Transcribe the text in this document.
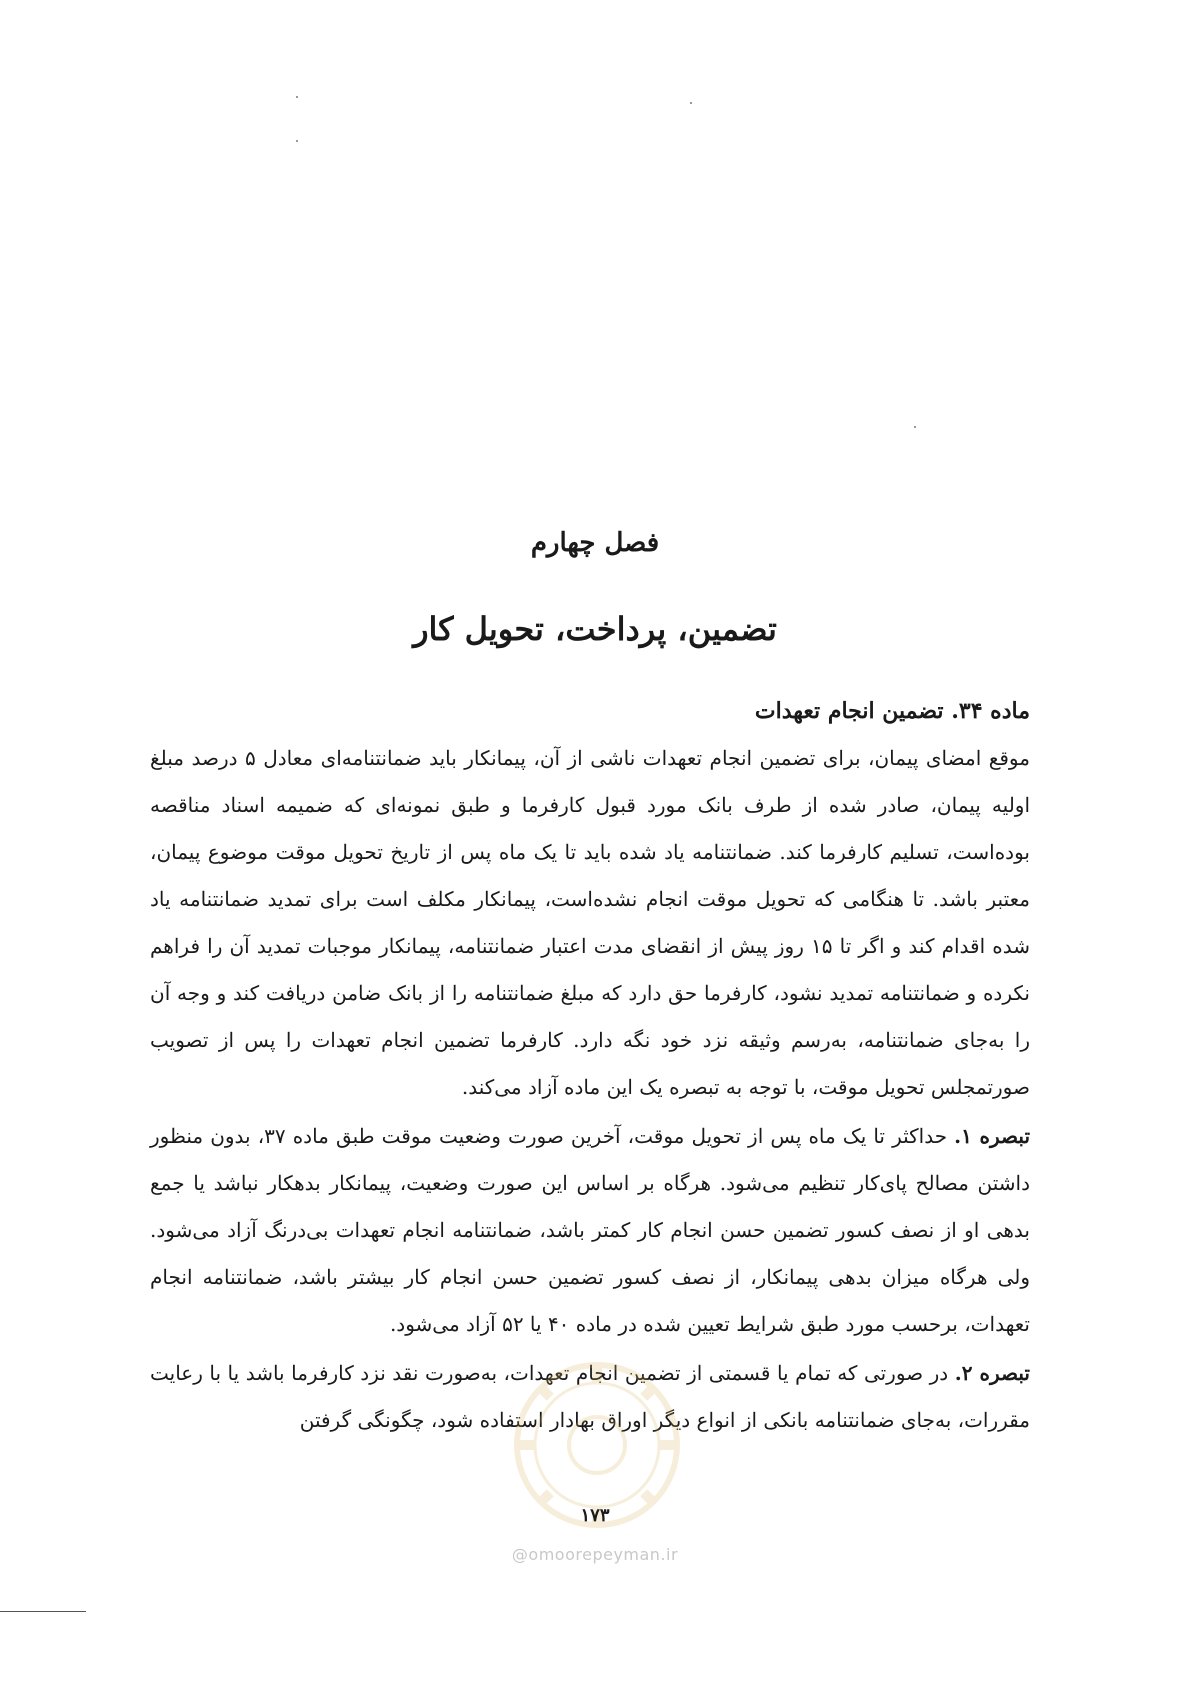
فصل چهارم
تضمین، پرداخت، تحویل کار

ماده ۳۴. تضمین انجام تعهدات

موقع امضای پیمان، برای تضمین انجام تعهدات ناشی از آن، پیمانکار باید ضمانتنامه‌ای معادل ۵ درصد مبلغ اولیه پیمان، صادر شده از طرف بانک مورد قبول کارفرما و طبق نمونه‌ای که ضمیمه اسناد مناقصه بوده‌است، تسلیم کارفرما کند. ضمانتنامه یاد شده باید تا یک ماه پس از تاریخ تحویل موقت موضوع پیمان، معتبر باشد. تا هنگامی که تحویل موقت انجام نشده‌است، پیمانکار مکلف است برای تمدید ضمانتنامه یاد شده اقدام کند و اگر تا ۱۵ روز پیش از انقضای مدت اعتبار ضمانتنامه، پیمانکار موجبات تمدید آن را فراهم نکرده و ضمانتنامه تمدید نشود، کارفرما حق دارد که مبلغ ضمانتنامه را از بانک ضامن دریافت کند و وجه آن را به‌جای ضمانتنامه، به‌رسم وثیقه نزد خود نگه دارد. کارفرما تضمین انجام تعهدات را پس از تصویب صورتمجلس تحویل موقت، با توجه به تبصره یک این ماده آزاد می‌کند.

تبصره ۱. حداکثر تا یک ماه پس از تحویل موقت، آخرین صورت وضعیت موقت طبق ماده ۳۷، بدون منظور داشتن مصالح پای‌کار تنظیم می‌شود. هرگاه بر اساس این صورت وضعیت، پیمانکار بدهکار نباشد یا جمع بدهی او از نصف کسور تضمین حسن انجام کار کمتر باشد، ضمانتنامه انجام تعهدات بی‌درنگ آزاد می‌شود. ولی هرگاه میزان بدهی پیمانکار، از نصف کسور تضمین حسن انجام کار بیشتر باشد، ضمانتنامه انجام تعهدات، برحسب مورد طبق شرایط تعیین شده در ماده ۴۰ یا ۵۲ آزاد می‌شود.

تبصره ۲. در صورتی که تمام یا قسمتی از تضمین انجام تعهدات، به‌صورت نقد نزد کارفرما باشد یا با رعایت مقررات، به‌جای ضمانتنامه بانکی از انواع دیگر اوراق بهادار استفاده شود، چگونگی گرفتن

۱۷۳
@omoorepeyman.ir
